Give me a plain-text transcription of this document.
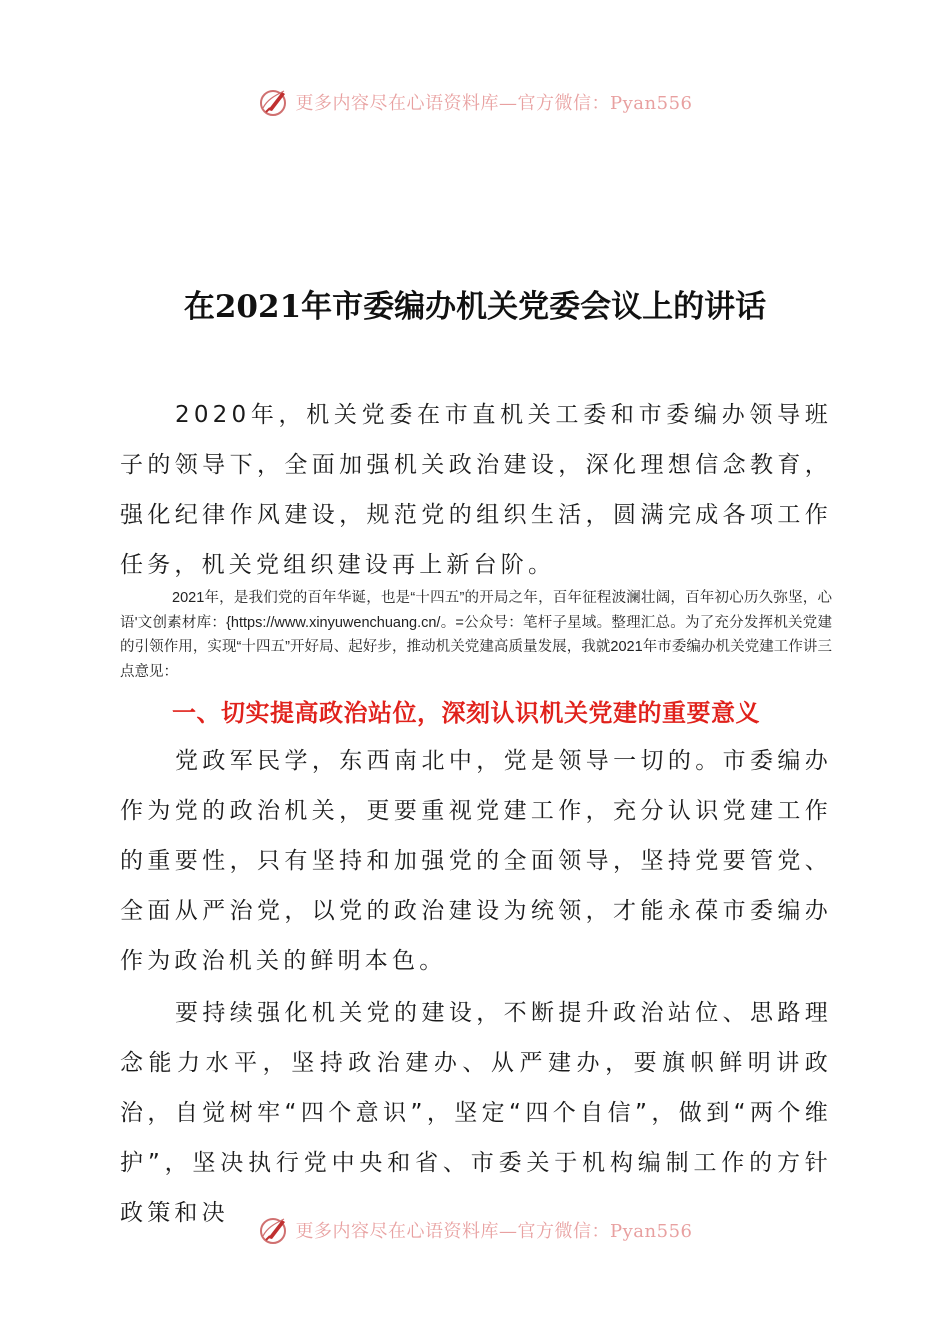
更多内容尽在心语资料库—官方微信：Pyan556
在2021年市委编办机关党委会议上的讲话

2020年，机关党委在市直机关工委和市委编办领导班子的领导下，全面加强机关政治建设，深化理想信念教育，强化纪律作风建设，规范党的组织生活，圆满完成各项工作任务，机关党组织建设再上新台阶。

2021年，是我们党的百年华诞，也是“十四五”的开局之年，百年征程波澜壮阔，百年初心历久弥坚，心语'文创素材库：{https://www.xinyuwenchuang.cn/。=公众号：笔杆子星域。整理汇总。为了充分发挥机关党建的引领作用，实现“十四五”开好局、起好步，推动机关党建高质量发展，我就2021年市委编办机关党建工作讲三点意见：

一、切实提高政治站位，深刻认识机关党建的重要意义

党政军民学，东西南北中，党是领导一切的。市委编办作为党的政治机关，更要重视党建工作，充分认识党建工作的重要性，只有坚持和加强党的全面领导，坚持党要管党、全面从严治党，以党的政治建设为统领，才能永葆市委编办作为政治机关的鲜明本色。

要持续强化机关党的建设，不断提升政治站位、思路理念能力水平，坚持政治建办、从严建办，要旗帜鲜明讲政治，自觉树牢“四个意识”，坚定“四个自信”，做到“两个维护”，坚决执行党中央和省、市委关于机构编制工作的方针政策和决

更多内容尽在心语资料库—官方微信：Pyan556
